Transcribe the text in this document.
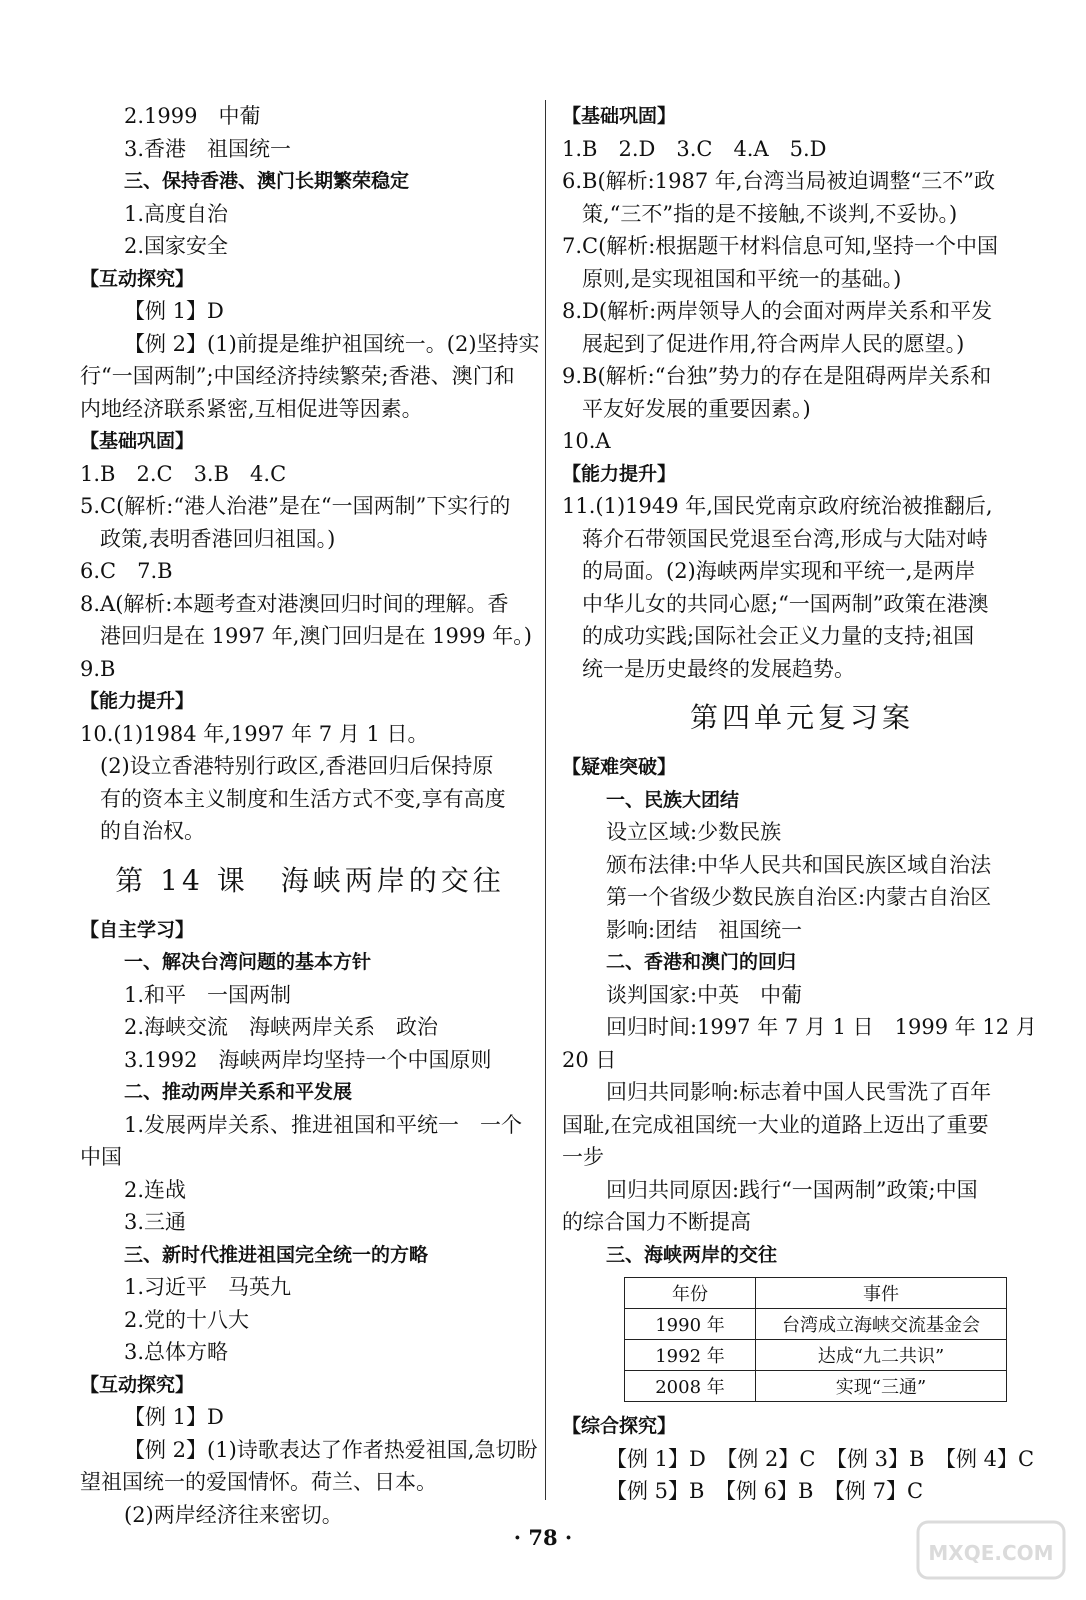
2.1999　中葡
3.香港　祖国统一
三、保持香港、澳门长期繁荣稳定
1.高度自治
2.国家安全
【互动探究】
【例 1】D
【例 2】(1)前提是维护祖国统一。(2)坚持实
行“一国两制”;中国经济持续繁荣;香港、澳门和
内地经济联系紧密,互相促进等因素。
【基础巩固】
1.B　2.C　3.B　4.C
5.C(解析:“港人治港”是在“一国两制”下实行的
政策,表明香港回归祖国。)
6.C　7.B
8.A(解析:本题考查对港澳回归时间的理解。香
港回归是在 1997 年,澳门回归是在 1999 年。)
9.B
【能力提升】
10.(1)1984 年,1997 年 7 月 1 日。
(2)设立香港特别行政区,香港回归后保持原
有的资本主义制度和生活方式不变,享有高度
的自治权。
第 14 课　海峡两岸的交往
【自主学习】
一、解决台湾问题的基本方针
1.和平　一国两制
2.海峡交流　海峡两岸关系　政治
3.1992　海峡两岸均坚持一个中国原则
二、推动两岸关系和平发展
1.发展两岸关系、推进祖国和平统一　一个
中国
2.连战
3.三通
三、新时代推进祖国完全统一的方略
1.习近平　马英九
2.党的十八大
3.总体方略
【互动探究】
【例 1】D
【例 2】(1)诗歌表达了作者热爱祖国,急切盼
望祖国统一的爱国情怀。荷兰、日本。
(2)两岸经济往来密切。
【基础巩固】
1.B　2.D　3.C　4.A　5.D
6.B(解析:1987 年,台湾当局被迫调整“三不”政
策,“三不”指的是不接触,不谈判,不妥协。)
7.C(解析:根据题干材料信息可知,坚持一个中国
原则,是实现祖国和平统一的基础。)
8.D(解析:两岸领导人的会面对两岸关系和平发
展起到了促进作用,符合两岸人民的愿望。)
9.B(解析:“台独”势力的存在是阻碍两岸关系和
平友好发展的重要因素。)
10.A
【能力提升】
11.(1)1949 年,国民党南京政府统治被推翻后,
蒋介石带领国民党退至台湾,形成与大陆对峙
的局面。(2)海峡两岸实现和平统一,是两岸
中华儿女的共同心愿;“一国两制”政策在港澳
的成功实践;国际社会正义力量的支持;祖国
统一是历史最终的发展趋势。
第四单元复习案
【疑难突破】
一、民族大团结
设立区域:少数民族
颁布法律:中华人民共和国民族区域自治法
第一个省级少数民族自治区:内蒙古自治区
影响:团结　祖国统一
二、香港和澳门的回归
谈判国家:中英　中葡
回归时间:1997 年 7 月 1 日　1999 年 12 月
20 日
回归共同影响:标志着中国人民雪洗了百年
国耻,在完成祖国统一大业的道路上迈出了重要
一步
回归共同原因:践行“一国两制”政策;中国
的综合国力不断提高
三、海峡两岸的交往
年份	事件
1990 年	台湾成立海峡交流基金会
1992 年	达成“九二共识”
2008 年	实现“三通”
【综合探究】
【例 1】D　【例 2】C　【例 3】B　【例 4】C
【例 5】B　【例 6】B　【例 7】C
· 78 ·
MXQE.COM
